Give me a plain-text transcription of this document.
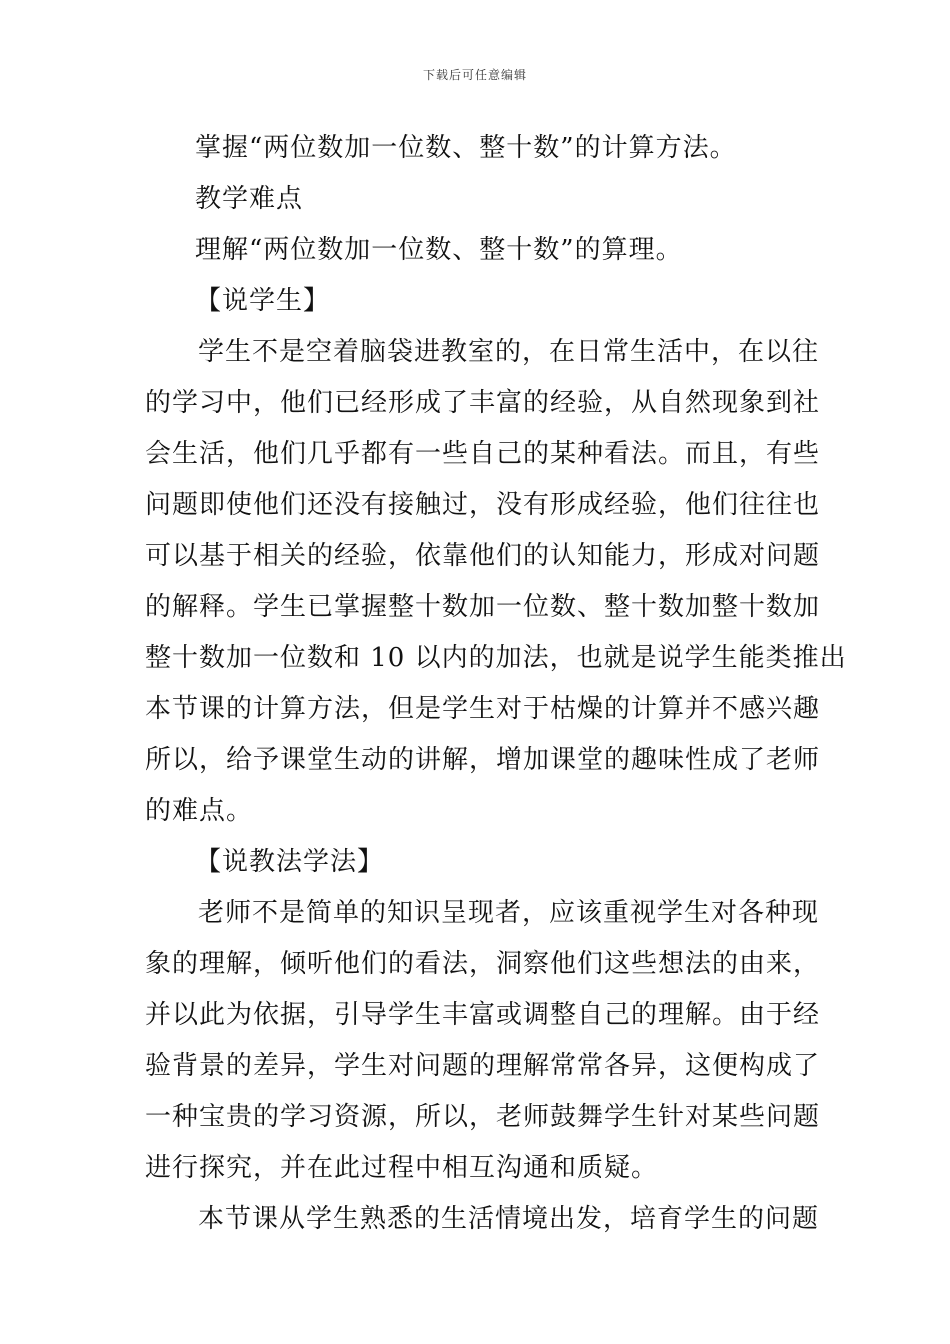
下载后可任意编辑
掌握“两位数加一位数、整十数”的计算方法。
教学难点
理解“两位数加一位数、整十数”的算理。
【说学生】
学生不是空着脑袋进教室的，在日常生活中，在以往
的学习中，他们已经形成了丰富的经验，从自然现象到社
会生活，他们几乎都有一些自己的某种看法。而且，有些
问题即使他们还没有接触过，没有形成经验，他们往往也
可以基于相关的经验，依靠他们的认知能力，形成对问题
的解释。学生已掌握整十数加一位数、整十数加整十数加
整十数加一位数和 10 以内的加法，也就是说学生能类推出
本节课的计算方法，但是学生对于枯燥的计算并不感兴趣
所以，给予课堂生动的讲解，增加课堂的趣味性成了老师
的难点。
【说教法学法】
老师不是简单的知识呈现者，应该重视学生对各种现
象的理解，倾听他们的看法，洞察他们这些想法的由来，
并以此为依据，引导学生丰富或调整自己的理解。由于经
验背景的差异，学生对问题的理解常常各异，这便构成了
一种宝贵的学习资源，所以，老师鼓舞学生针对某些问题
进行探究，并在此过程中相互沟通和质疑。
本节课从学生熟悉的生活情境出发，培育学生的问题
